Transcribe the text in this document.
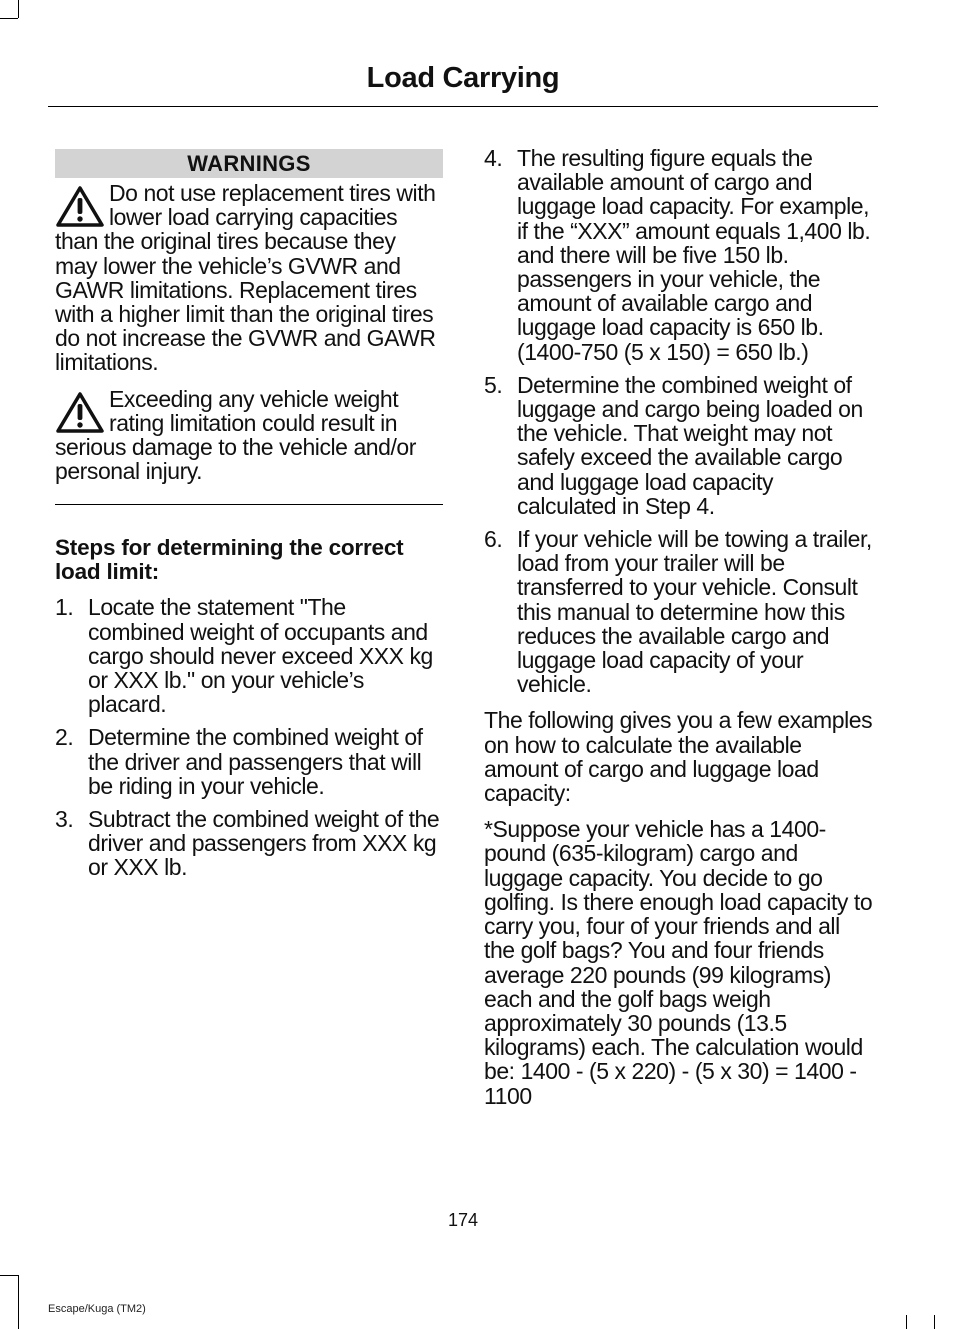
Load Carrying
WARNINGS
Do not use replacement tires with lower load carrying capacities than the original tires because they may lower the vehicle’s GVWR and GAWR limitations. Replacement tires with a higher limit than the original tires do not increase the GVWR and GAWR limitations.
Exceeding any vehicle weight rating limitation could result in serious damage to the vehicle and/or personal injury.
Steps for determining the correct load limit:
1. Locate the statement "The combined weight of occupants and cargo should never exceed XXX kg or XXX lb." on your vehicle’s placard.
2. Determine the combined weight of the driver and passengers that will be riding in your vehicle.
3. Subtract the combined weight of the driver and passengers from XXX kg or XXX lb.
4. The resulting figure equals the available amount of cargo and luggage load capacity. For example, if the “XXX” amount equals 1,400 lb. and there will be five 150 lb. passengers in your vehicle, the amount of available cargo and luggage load capacity is 650 lb. (1400-750 (5 x 150) = 650 lb.)
5. Determine the combined weight of luggage and cargo being loaded on the vehicle. That weight may not safely exceed the available cargo and luggage load capacity calculated in Step 4.
6. If your vehicle will be towing a trailer, load from your trailer will be transferred to your vehicle. Consult this manual to determine how this reduces the available cargo and luggage load capacity of your vehicle.
The following gives you a few examples on how to calculate the available amount of cargo and luggage load capacity:
*Suppose your vehicle has a 1400-pound (635-kilogram) cargo and luggage capacity. You decide to go golfing. Is there enough load capacity to carry you, four of your friends and all the golf bags? You and four friends average 220 pounds (99 kilograms) each and the golf bags weigh approximately 30 pounds (13.5 kilograms) each. The calculation would be: 1400 - (5 x 220) - (5 x 30) = 1400 - 1100
174
Escape/Kuga (TM2)
